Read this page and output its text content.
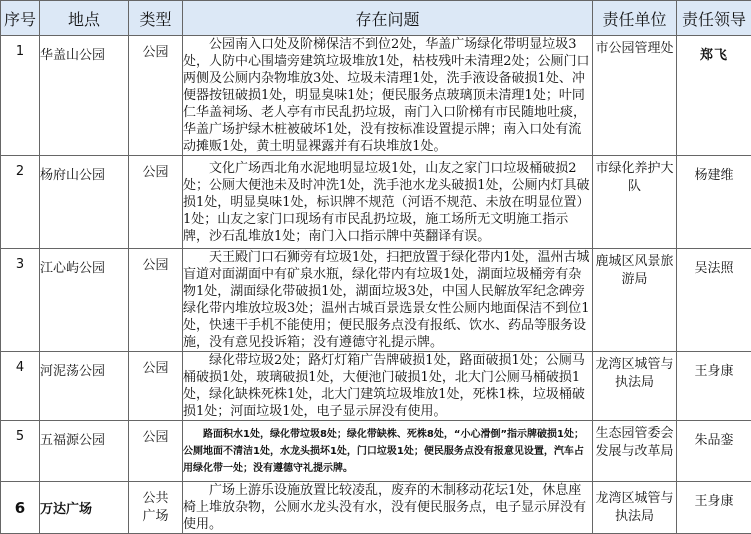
序号	地点	类型	存在问题	责任单位	责任领导

1	华盖山公园	公园	公园南入口处及阶梯保洁不到位2处，华盖广场绿化带明显垃圾3处，人防中心围墙旁建筑垃圾堆放1处，枯枝残叶未清理2处；公厕门口两侧及公厕内杂物堆放3处、垃圾未清理1处，洗手液设备破损1处、冲便器按钮破损1处，明显臭味1处；便民服务点玻璃顶未清理1处；叶同仁华盖祠场、老人亭有市民乱扔垃圾，南门入口阶梯有市民随地吐痰，华盖广场护绿木桩被破坏1处，没有按标准设置提示牌；南入口处有流动摊贩1处，黄土明显裸露并有石块堆放1处。	市公园管理处	郑飞

2	杨府山公园	公园	文化广场西北角水泥地明显垃圾1处，山友之家门口垃圾桶破损2处；公厕大便池未及时冲洗1处，洗手池水龙头破损1处，公厕内灯具破损1处，明显臭味1处，标识牌不规范（河语不规范、未放在明显位置）1处；山友之家门口现场有市民乱扔垃圾，施工场所无文明施工指示牌，沙石乱堆放1处；南门入口指示牌中英翻译有误。	市绿化养护大队	杨建维

3	江心屿公园	公园	天王殿门口石狮旁有垃圾1处，扫把放置于绿化带内1处，温州古城盲道对面湖面中有矿泉水瓶，绿化带内有垃圾1处，湖面垃圾桶旁有杂物1处，湖面绿化带破损1处，湖面垃圾3处，中国人民解放军纪念碑旁绿化带内堆放垃圾3处；温州古城百景选景女性公厕内地面保洁不到位1处，快速干手机不能使用；便民服务点没有报纸、饮水、药品等服务设施，没有意见投诉箱；没有遵德守礼提示牌。	鹿城区风景旅游局	吴法照

4	河泥荡公园	公园	绿化带垃圾2处；路灯灯箱广告牌破损1处，路面破损1处；公厕马桶破损1处，玻璃破损1处，大便池门破损1处，北大门公厕马桶破损1处，绿化缺株死株1处，北大门建筑垃圾堆放1处，死株1株，垃圾桶破损1处；河面垃圾1处，电子显示屏没有使用。	龙湾区城管与执法局	王身康

5	五福源公园	公园	路面积水1处，绿化带垃圾8处；绿化带缺株、死株8处，“小心滑倒”指示牌破损1处；公厕地面不清洁1处，水龙头损坏1处，门口垃圾1处；便民服务点没有报意见设置，汽车占用绿化带一处；没有遵德守礼提示牌。	生态园管委会发展与改革局	朱品銮

6	万达广场	公共广场	广场上游乐设施放置比较凌乱，废弃的木制移动花坛1处，休息座椅上堆放杂物，公厕水龙头没有水，没有便民服务点，电子显示屏没有使用。	龙湾区城管与执法局	王身康
